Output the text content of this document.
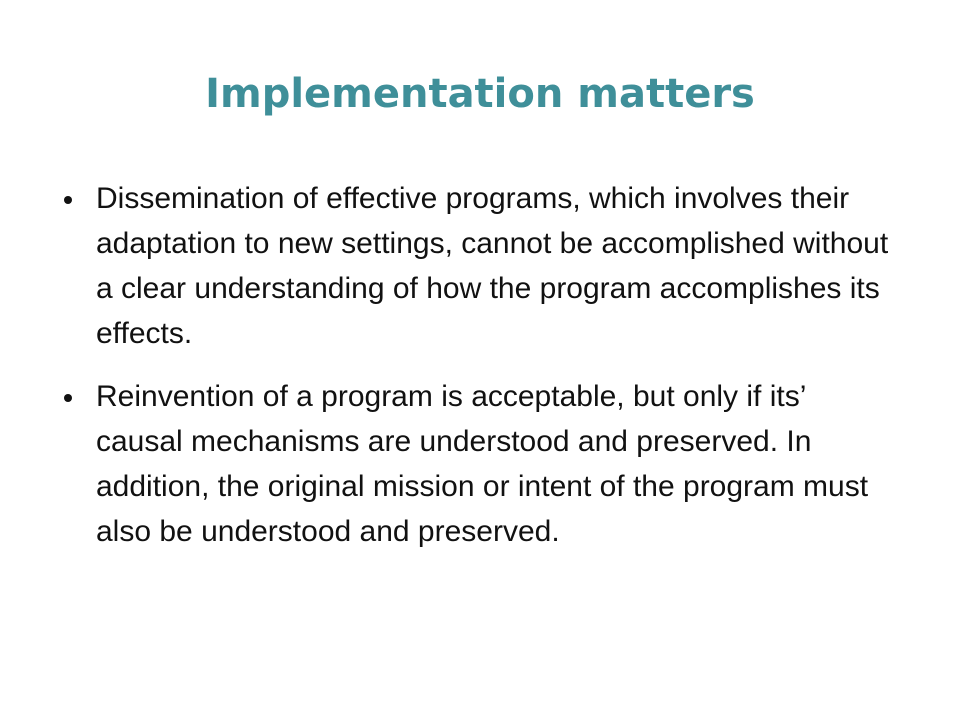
Implementation matters
Dissemination of effective programs, which involves their adaptation to new settings, cannot be accomplished without a clear understanding of how the program accomplishes its effects.
Reinvention of a program is acceptable, but only if its’ causal mechanisms are understood and preserved. In addition, the original mission or intent of the program must also be understood and preserved.
